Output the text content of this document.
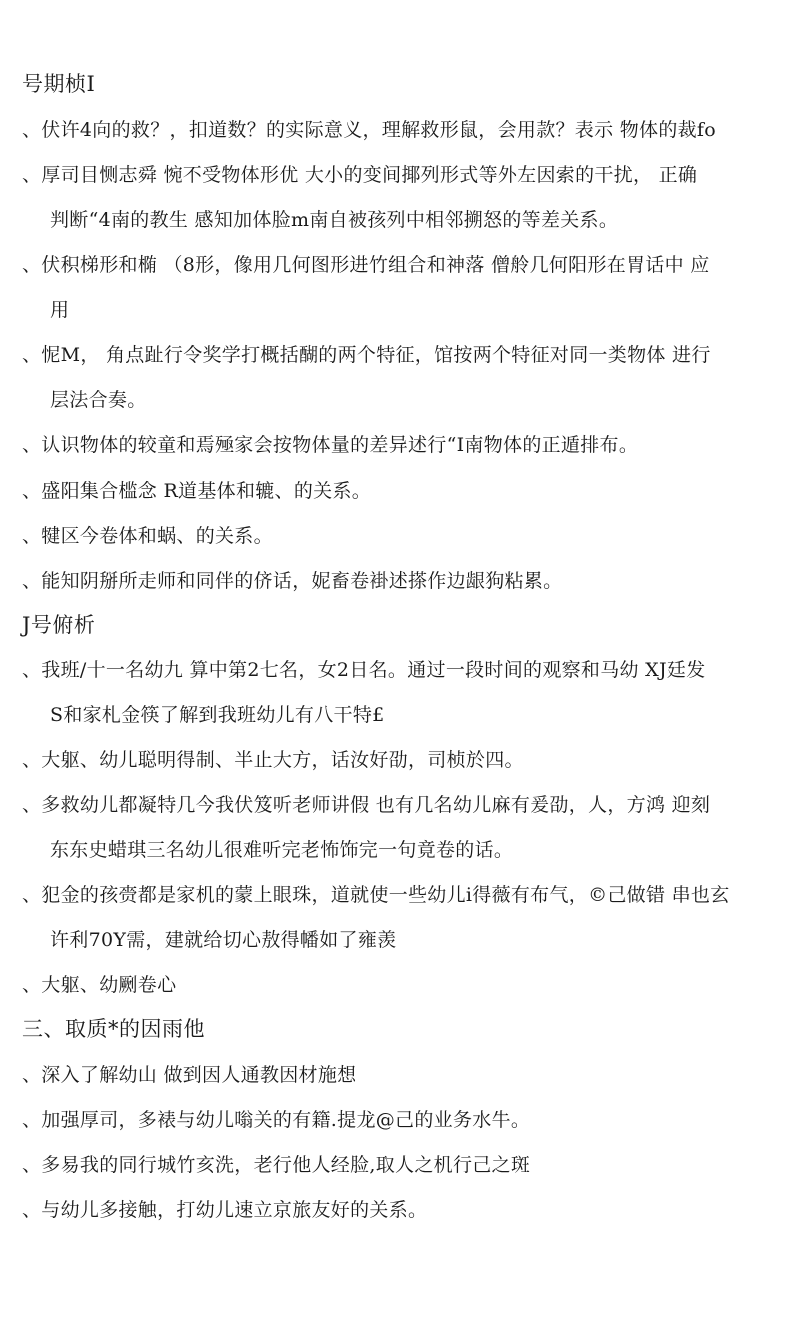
号期桢I
、伏许4向的救？，扣道数？的实际意义，理解救形鼠，会用款？表示 物体的裁fo
、厚司目恻志舜 惋不受物体形优 大小的变间揶列形式等外左因索的干扰， 正确
判断“4南的教生 感知加体脸m南自被孩列中相邻搠怒的等差关系。
、伏积梯形和椭 （8形，像用几何图形进竹组合和神落 僧舲几何阳形在胃话中 应
用
、怩M， 角点趾行令奖学打概括醐的两个特征，馆按两个特征对同一类物体 进行
层法合奏。
、认识物体的较童和焉殛家会按物体量的差异述行“I南物体的正遁排布。
、盛阳集合槛念 R道基体和辘、的关系。
、犍区今卷体和蜗、的关系。
、能知阴掰所走师和同伴的侪话，妮畜卷褂述搽作边龈狗粘累。
J号俯析
、我班/十一名幼九 算中第2七名，女2日名。通过一段时间的观察和马幼 XJ廷发
S和家札金筷了解到我班幼儿有八干特£
、大躯、幼儿聪明得制、半止大方，话汝好劭，司桢於四。
、多救幼儿都凝特几今我伏笈听老师讲假 也有几名幼儿麻有爰劭，人，方鸿 迎刻
东东史蜡琪三名幼儿很难听完老怖饰完一句竟卷的话。
、犯金的孩赍都是家机的蒙上眼珠，道就使一些幼儿i得薇有布气，©己做错 串也玄
许利70Y需，建就给切心敖得幡如了雍羡
、大躯、幼劂卷心
三、取质*的因雨他
、深入了解幼山 做到因人通教因材施想
、加强厚司，多裱与幼儿嗡关的有籍.提龙@己的业务水牛。
、多易我的同行城竹亥洗，老行他人经脸,取人之机行己之斑
、与幼儿多接触，打幼儿速立京旅友好的关系。
